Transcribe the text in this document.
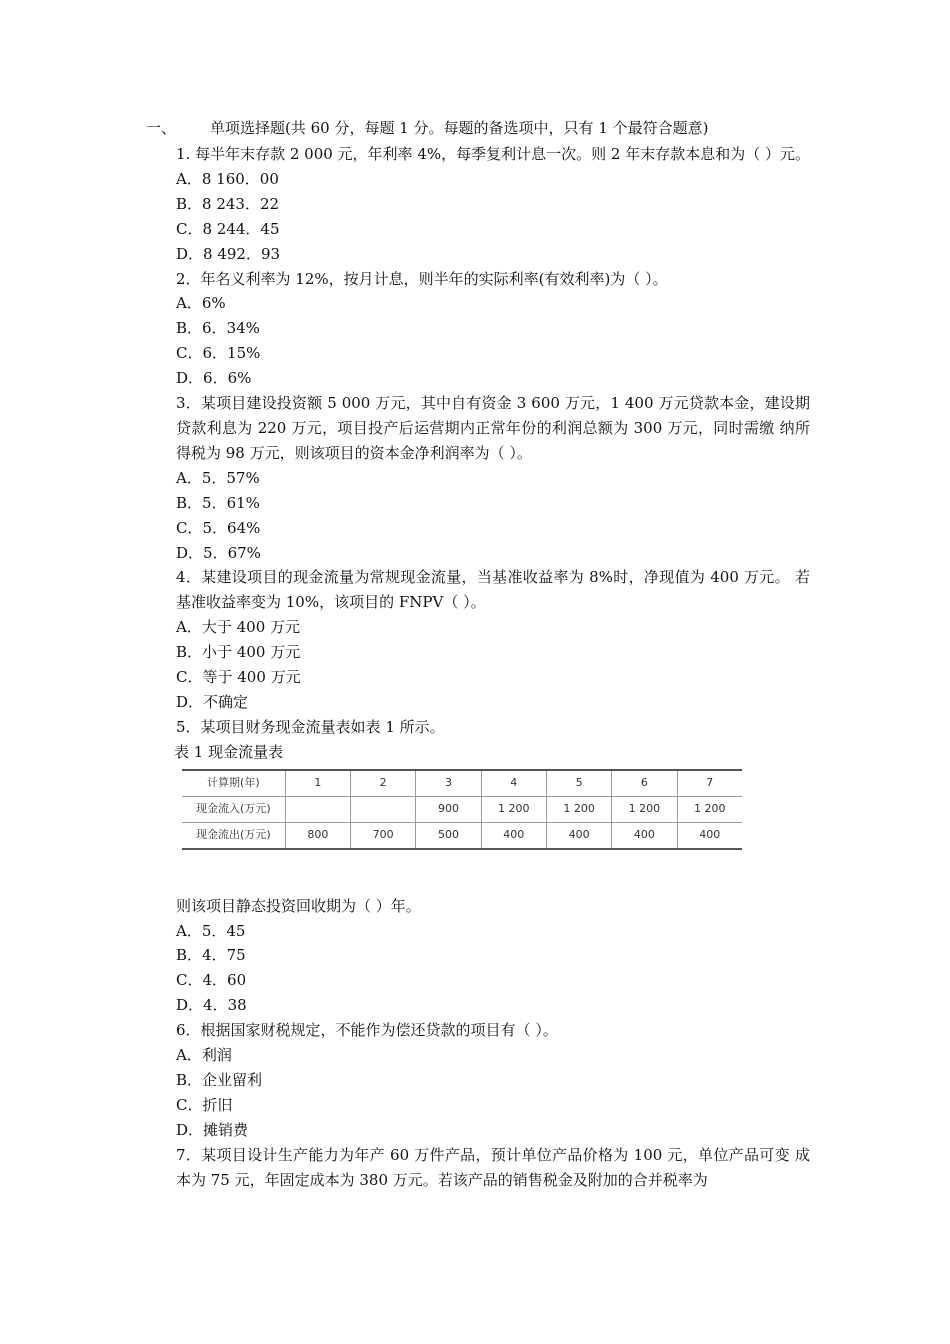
一、 单项选择题(共 60 分，每题 1 分。每题的备选项中，只有 1 个最符合题意)
1. 每半年末存款 2 000 元，年利率 4%，每季复利计息一次。则 2 年末存款本息和为（ ）元。
A．8 160．00
B．8 243．22
C．8 244．45
D．8 492．93
2．年名义利率为 12%，按月计息，则半年的实际利率(有效利率)为（ ）。
A．6%
B．6．34%
C．6．15%
D．6．6%
3．某项目建设投资额 5 000 万元，其中自有资金 3 600 万元，1 400 万元贷款本金，建设期贷款利息为 220 万元，项目投产后运营期内正常年份的利润总额为 300 万元，同时需缴 纳所得税为 98 万元，则该项目的资本金净利润率为（ ）。
A．5．57%
B．5．61%
C．5．64%
D．5．67%
4．某建设项目的现金流量为常规现金流量，当基准收益率为 8%时，净现值为 400 万元。 若基准收益率变为 10%，该项目的 FNPV（ ）。
A．大于 400 万元
B．小于 400 万元
C．等于 400 万元
D．不确定
5．某项目财务现金流量表如表 1 所示。
表 1 现金流量表
计算期(年)	1	2	3	4	5	6	7
现金流入(万元)			900	1 200	1 200	1 200	1 200
现金流出(万元)	800	700	500	400	400	400	400
则该项目静态投资回收期为（ ）年。
A．5．45
B．4．75
C．4．60
D．4．38
6．根据国家财税规定，不能作为偿还贷款的项目有（ ）。
A．利润
B．企业留利
C．折旧
D．摊销费
7．某项目设计生产能力为年产 60 万件产品，预计单位产品价格为 100 元，单位产品可变 成本为 75 元，年固定成本为 380 万元。若该产品的销售税金及附加的合并税率为
